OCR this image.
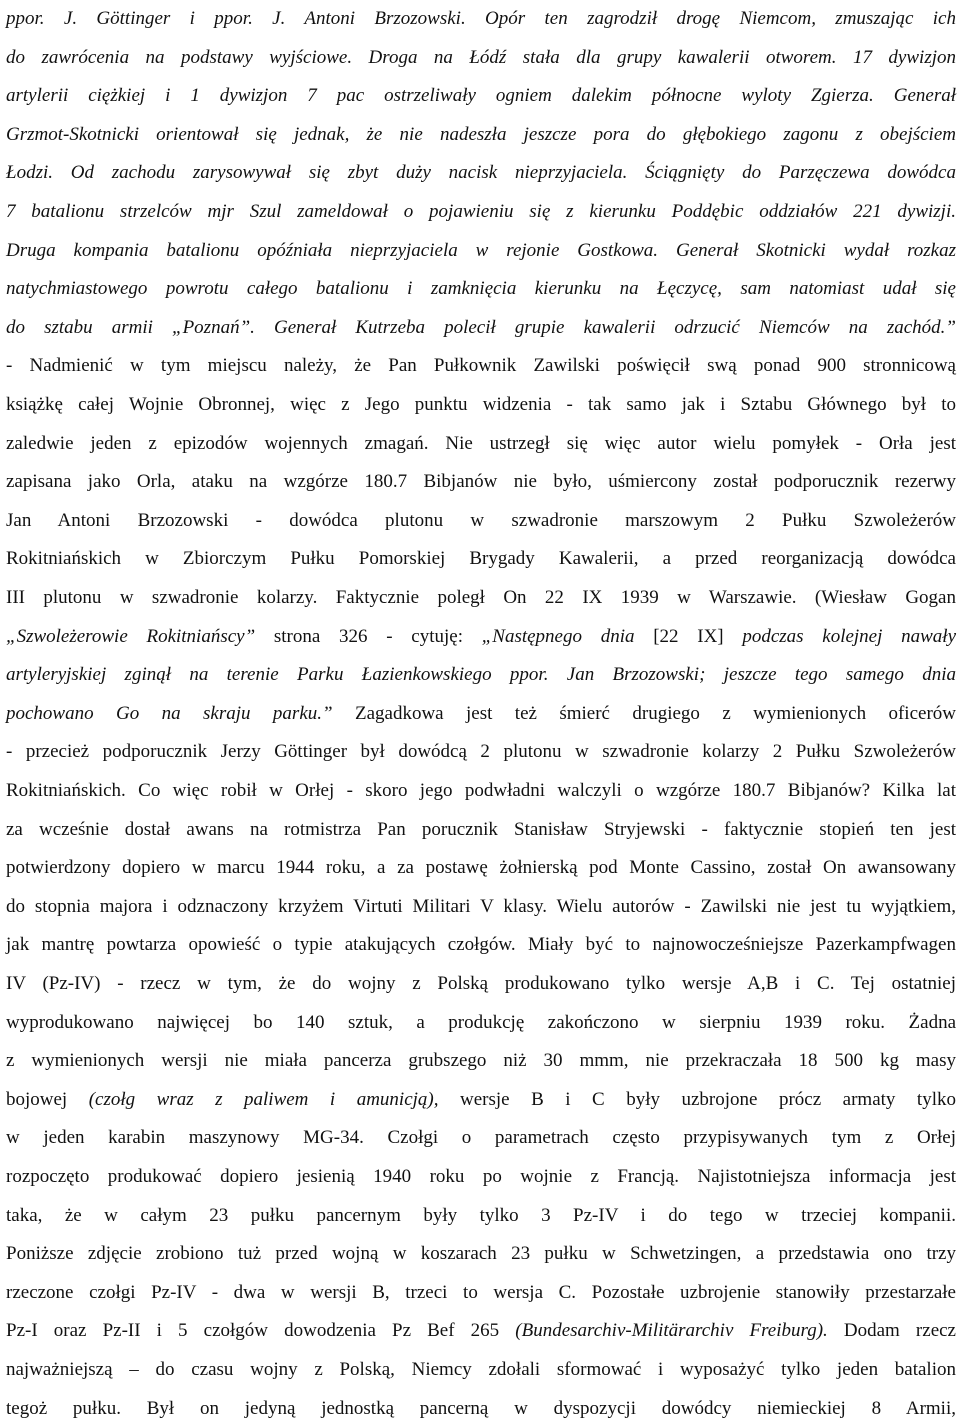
ppor. J. Göttinger i ppor. J. Antoni Brzozowski. Opór ten zagrodził drogę Niemcom, zmuszając ich
do zawrócenia na podstawy wyjściowe. Droga na Łódź stała dla grupy kawalerii otworem. 17 dywizjon
artylerii ciężkiej i 1 dywizjon 7 pac ostrzeliwały ogniem dalekim północne wyloty Zgierza. Generał
Grzmot-Skotnicki orientował się jednak, że nie nadeszła jeszcze pora do głębokiego zagonu z obejściem
Łodzi. Od zachodu zarysowywał się zbyt duży nacisk nieprzyjaciela. Ściągnięty do Parzęczewa dowódca
7 batalionu strzelców mjr Szul zameldował o pojawieniu się z kierunku Poddębic oddziałów 221 dywizji.
Druga kompania batalionu opóźniała nieprzyjaciela w rejonie Gostkowa. Generał Skotnicki wydał rozkaz
natychmiastowego powrotu całego batalionu i zamknięcia kierunku na Łęczycę, sam natomiast udał się
do sztabu armii „Poznań”. Generał Kutrzeba polecił grupie kawalerii odrzucić Niemców na zachód.”
- Nadmienić w tym miejscu należy, że Pan Pułkownik Zawilski poświęcił swą ponad 900 stronnicową
książkę całej Wojnie Obronnej, więc z Jego punktu widzenia - tak samo jak i Sztabu Głównego był to
zaledwie jeden z epizodów wojennych zmagań. Nie ustrzegł się więc autor wielu pomyłek - Orła jest
zapisana jako Orla, ataku na wzgórze 180.7 Bibjanów nie było, uśmiercony został podporucznik rezerwy
Jan Antoni Brzozowski - dowódca plutonu w szwadronie marszowym 2 Pułku Szwoleżerów
Rokitniańskich w Zbiorczym Pułku Pomorskiej Brygady Kawalerii, a przed reorganizacją dowódca
III plutonu w szwadronie kolarzy. Faktycznie poległ On 22 IX 1939 w Warszawie. (Wiesław Gogan
„Szwoleżerowie Rokitniańscy” strona 326 - cytuję: „Następnego dnia [22 IX] podczas kolejnej nawały
artyleryjskiej zginął na terenie Parku Łazienkowskiego ppor. Jan Brzozowski; jeszcze tego samego dnia
pochowano Go na skraju parku.” Zagadkowa jest też śmierć drugiego z wymienionych oficerów
- przecież podporucznik Jerzy Göttinger był dowódcą 2 plutonu w szwadronie kolarzy 2 Pułku Szwoleżerów
Rokitniańskich. Co więc robił w Orłej - skoro jego podwładni walczyli o wzgórze 180.7 Bibjanów? Kilka lat
za wcześnie dostał awans na rotmistrza Pan porucznik Stanisław Stryjewski - faktycznie stopień ten jest
potwierdzony dopiero w marcu 1944 roku, a za postawę żołnierską pod Monte Cassino, został On awansowany
do stopnia majora i odznaczony krzyżem Virtuti Militari V klasy. Wielu autorów - Zawilski nie jest tu wyjątkiem,
jak mantrę powtarza opowieść o typie atakujących czołgów. Miały być to najnowocześniejsze Pazerkampfwagen
IV (Pz-IV) - rzecz w tym, że do wojny z Polską produkowano tylko wersje A,B i C. Tej ostatniej
wyprodukowano najwięcej bo 140 sztuk, a produkcję zakończono w sierpniu 1939 roku. Żadna
z wymienionych wersji nie miała pancerza grubszego niż 30 mmm, nie przekraczała 18 500 kg masy
bojowej (czołg wraz z paliwem i amunicją), wersje B i C były uzbrojone prócz armaty tylko
w jeden karabin maszynowy MG-34. Czołgi o parametrach często przypisywanych tym z Orłej
rozpoczęto produkować dopiero jesienią 1940 roku po wojnie z Francją. Najistotniejsza informacja jest
taka, że w całym 23 pułku pancernym były tylko 3 Pz-IV i do tego w trzeciej kompanii.
Poniższe zdjęcie zrobiono tuż przed wojną w koszarach 23 pułku w Schwetzingen, a przedstawia ono trzy
rzeczone czołgi Pz-IV - dwa w wersji B, trzeci to wersja C. Pozostałe uzbrojenie stanowiły przestarzałe
Pz-I oraz Pz-II i 5 czołgów dowodzenia Pz Bef 265 (Bundesarchiv-Militärarchiv Freiburg). Dodam rzecz
najważniejszą – do czasu wojny z Polską, Niemcy zdołali sformować i wyposażyć tylko jeden batalion
tegoż pułku. Był on jedyną jednostką pancerną w dyspozycji dowódcy niemieckiej 8 Armii,
